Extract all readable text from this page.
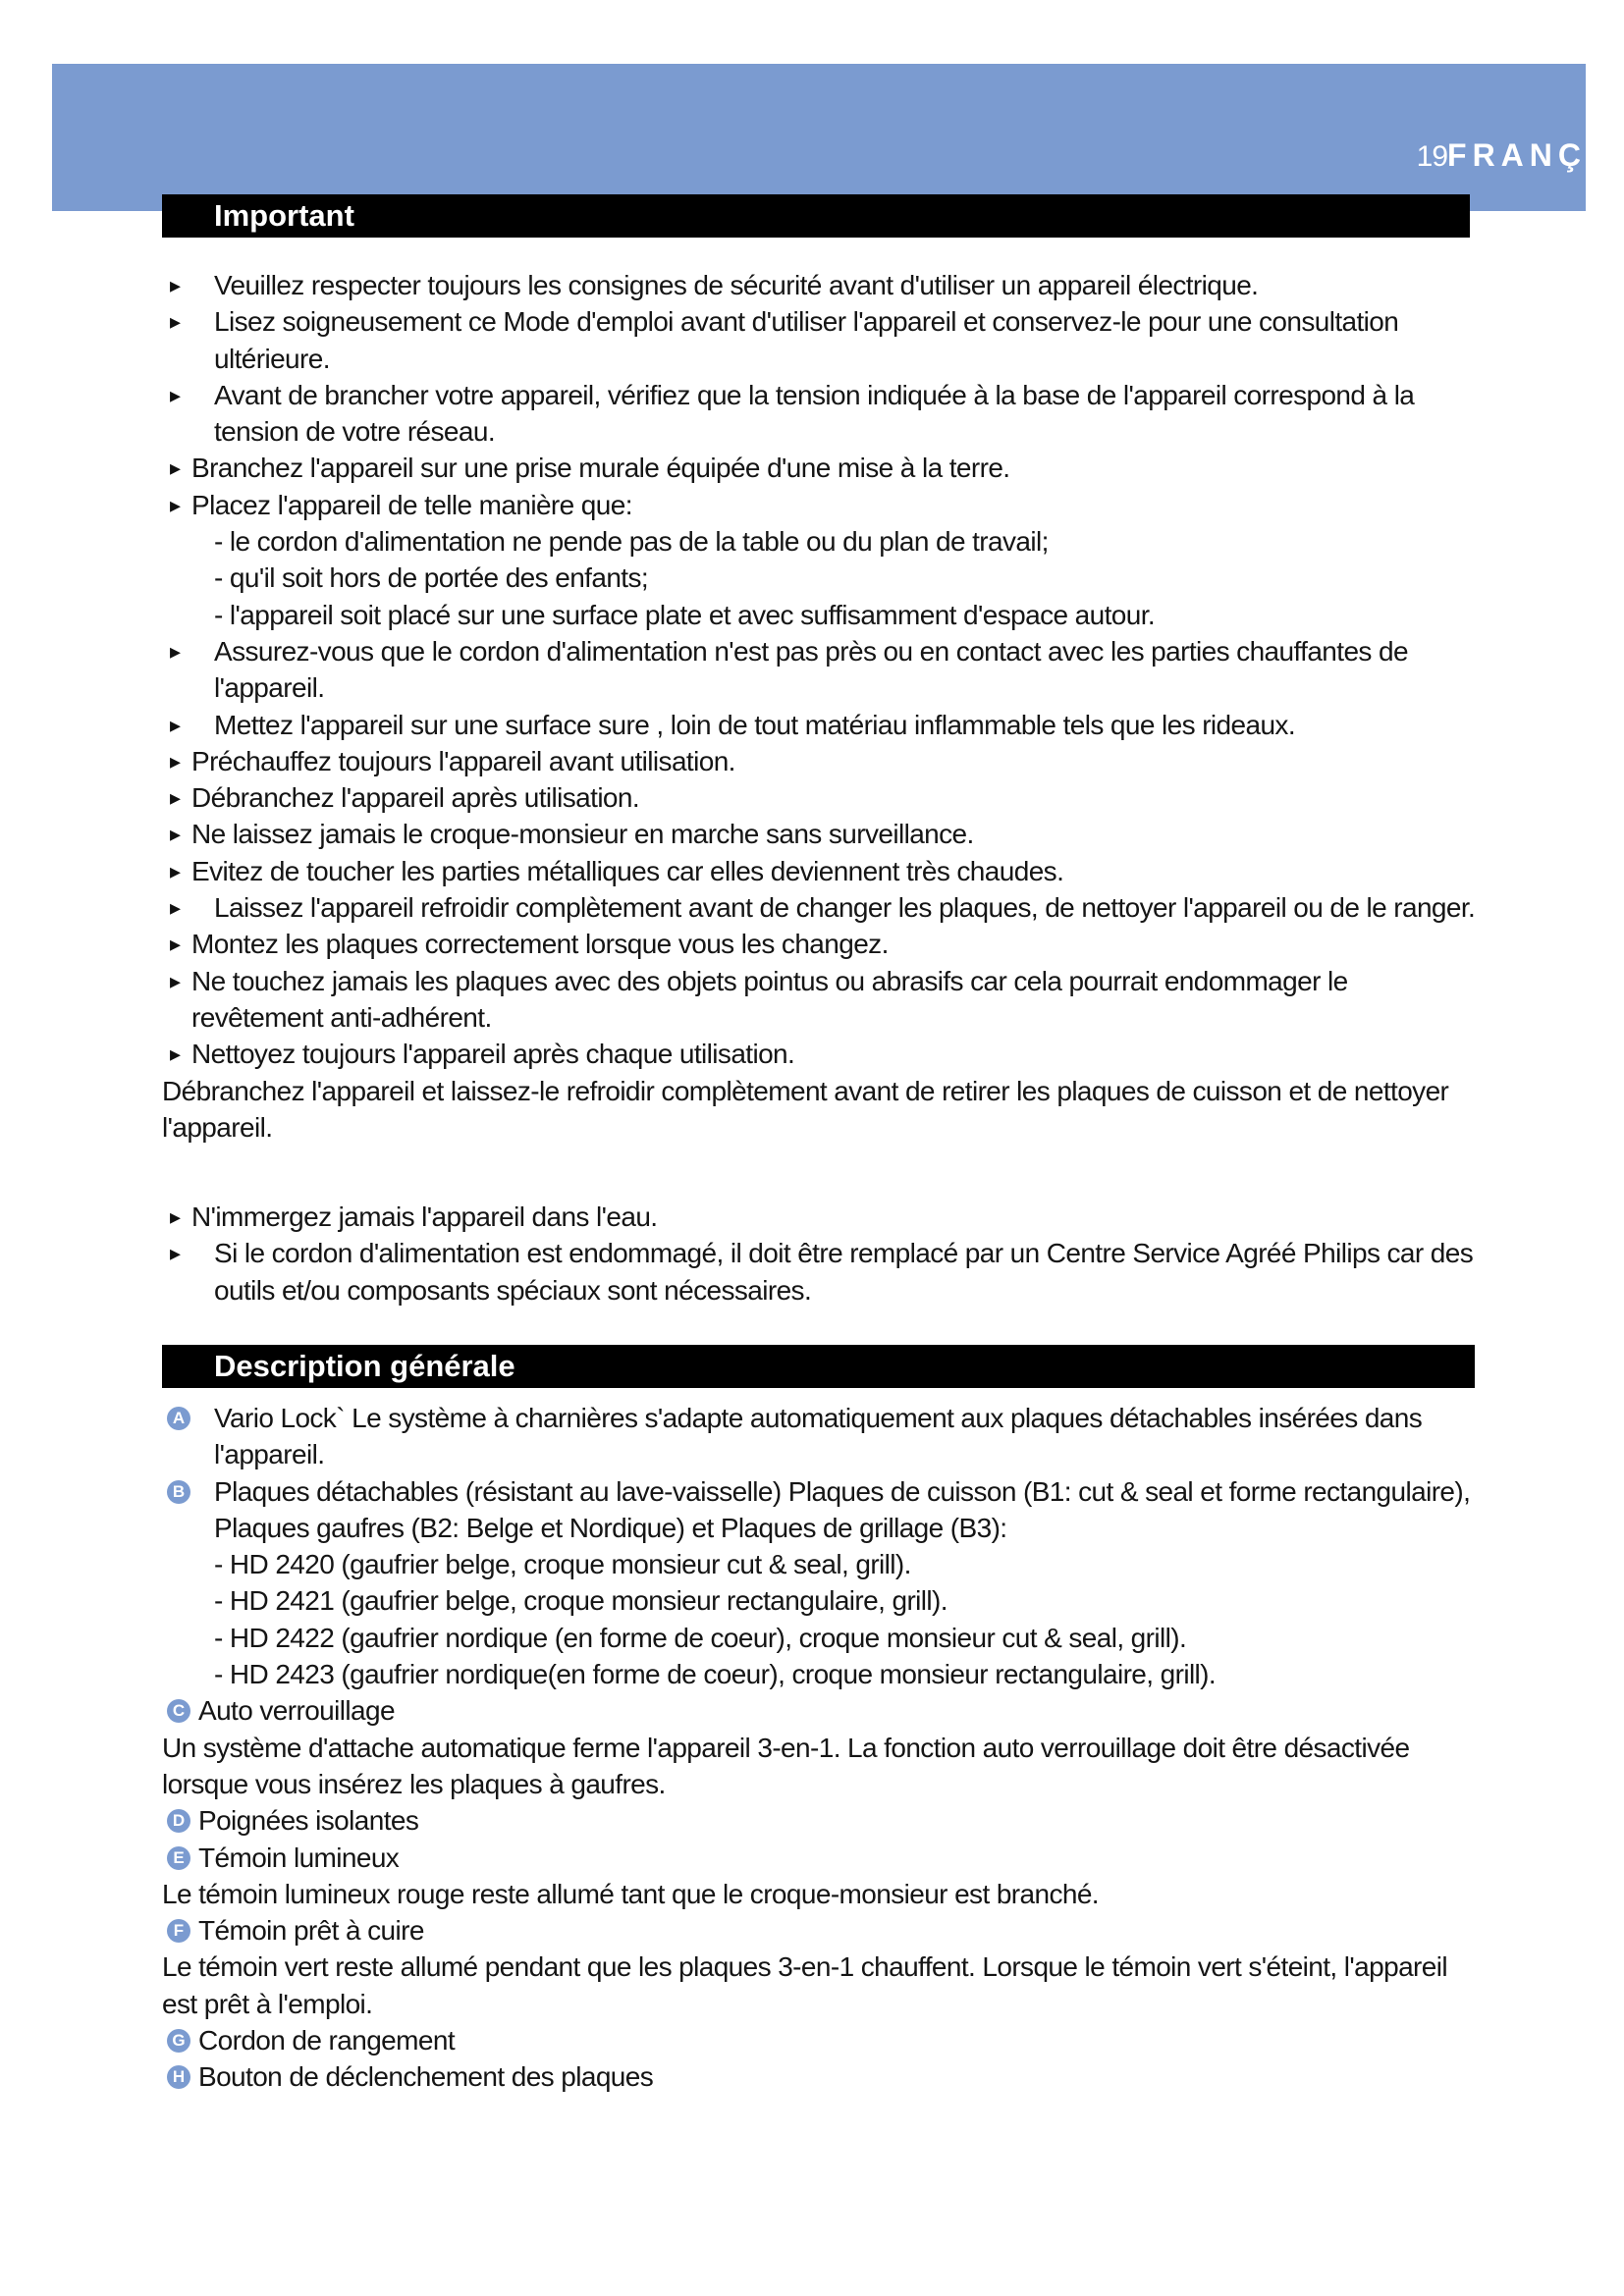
19FRANÇ
Important
▸ Veuillez respecter toujours les consignes de sécurité avant d'utiliser un appareil électrique.
▸ Lisez soigneusement ce Mode d'emploi avant d'utiliser l'appareil et conservez-le pour une consultation ultérieure.
▸ Avant de brancher votre appareil, vérifiez que la tension indiquée à la base de l'appareil correspond à la tension de votre réseau.
▸ Branchez l'appareil sur une prise murale équipée d'une mise à la terre.
▸ Placez l'appareil de telle manière que:
- le cordon d'alimentation ne pende pas de la table ou du plan de travail;
- qu'il soit hors de portée des enfants;
- l'appareil soit placé sur une surface plate et avec suffisamment d'espace autour.
▸ Assurez-vous que le cordon d'alimentation n'est pas près ou en contact avec les parties chauffantes de l'appareil.
▸ Mettez l'appareil sur une surface sure , loin de tout matériau inflammable tels que les rideaux.
▸ Préchauffez toujours l'appareil avant utilisation.
▸ Débranchez l'appareil après utilisation.
▸ Ne laissez jamais le croque-monsieur en marche sans surveillance.
▸ Evitez de toucher les parties métalliques car elles deviennent très chaudes.
▸ Laissez l'appareil refroidir complètement avant de changer les plaques, de nettoyer l'appareil ou de le ranger.
▸ Montez les plaques correctement lorsque vous les changez.
▸ Ne touchez jamais les plaques avec des objets pointus ou abrasifs car cela pourrait endommager le revêtement anti-adhérent.
▸ Nettoyez toujours l'appareil après chaque utilisation.
Débranchez l'appareil et laissez-le refroidir complètement avant de retirer les plaques de cuisson et de nettoyer l'appareil.
▸ N'immergez jamais l'appareil dans l'eau.
▸ Si le cordon d'alimentation est endommagé, il doit être remplacé par un Centre Service Agréé Philips car des outils et/ou composants spéciaux sont nécessaires.
Description générale
A Vario Lock` Le système à charnières s'adapte automatiquement aux plaques détachables insérées dans l'appareil.
B Plaques détachables (résistant au lave-vaisselle) Plaques de cuisson (B1: cut & seal et forme rectangulaire), Plaques gaufres (B2: Belge et Nordique) et Plaques de grillage (B3):
- HD 2420 (gaufrier belge, croque monsieur cut & seal, grill).
- HD 2421 (gaufrier belge, croque monsieur rectangulaire, grill).
- HD 2422 (gaufrier nordique (en forme de coeur), croque monsieur cut & seal, grill).
- HD 2423 (gaufrier nordique(en forme de coeur), croque monsieur rectangulaire, grill).
C Auto verrouillage
Un système d'attache automatique ferme l'appareil 3-en-1. La fonction auto verrouillage doit être désactivée lorsque vous insérez les plaques à gaufres.
D Poignées isolantes
E Témoin lumineux
Le témoin lumineux rouge reste allumé tant que le croque-monsieur est branché.
F Témoin prêt à cuire
Le témoin vert reste allumé pendant que les plaques 3-en-1 chauffent. Lorsque le témoin vert s'éteint, l'appareil est prêt à l'emploi.
G Cordon de rangement
H Bouton de déclenchement des plaques
